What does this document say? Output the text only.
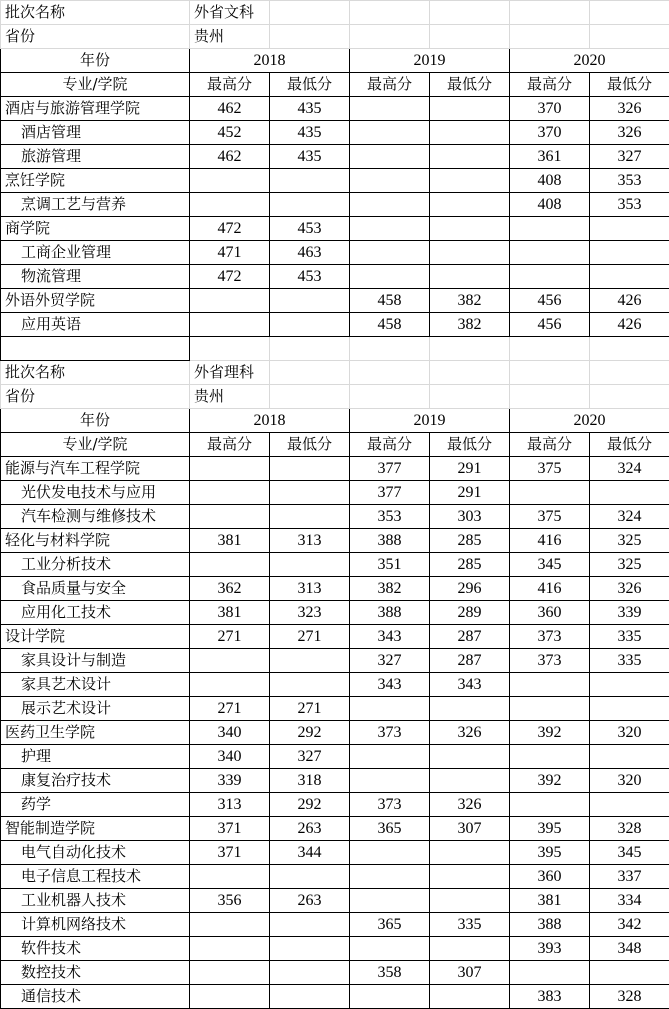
批次名称	外省文科					
省份	贵州					
年份	2018		2019		2020	
专业/学院	最高分	最低分	最高分	最低分	最高分	最低分
酒店与旅游管理学院	462	435			370	326
酒店管理	452	435			370	326
旅游管理	462	435			361	327
烹饪学院					408	353
烹调工艺与营养					408	353
商学院	472	453				
工商企业管理	471	463				
物流管理	472	453				
外语外贸学院			458	382	456	426
应用英语			458	382	456	426

批次名称	外省理科					
省份	贵州					
年份	2018		2019		2020	
专业/学院	最高分	最低分	最高分	最低分	最高分	最低分
能源与汽车工程学院			377	291	375	324
光伏发电技术与应用			377	291		
汽车检测与维修技术			353	303	375	324
轻化与材料学院	381	313	388	285	416	325
工业分析技术			351	285	345	325
食品质量与安全	362	313	382	296	416	326
应用化工技术	381	323	388	289	360	339
设计学院	271	271	343	287	373	335
家具设计与制造			327	287	373	335
家具艺术设计			343	343		
展示艺术设计	271	271				
医药卫生学院	340	292	373	326	392	320
护理	340	327				
康复治疗技术	339	318			392	320
药学	313	292	373	326		
智能制造学院	371	263	365	307	395	328
电气自动化技术	371	344			395	345
电子信息工程技术					360	337
工业机器人技术	356	263			381	334
计算机网络技术			365	335	388	342
软件技术					393	348
数控技术			358	307		
通信技术					383	328
